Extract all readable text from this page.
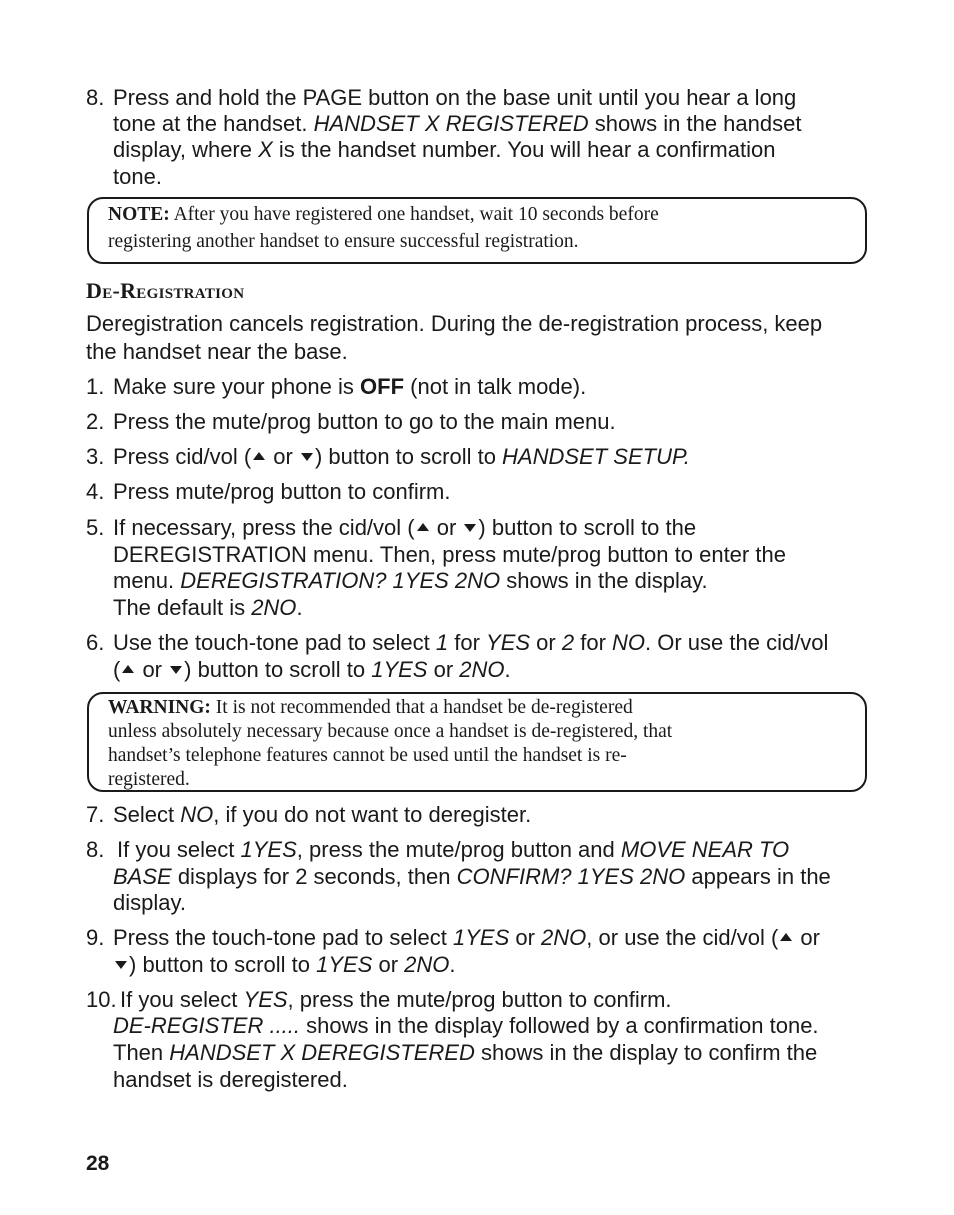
8. Press and hold the PAGE button on the base unit until you hear a long
tone at the handset. HANDSET X REGISTERED shows in the handset
display, where X is the handset number. You will hear a confirmation
tone.
NOTE: After you have registered one handset, wait 10 seconds before
registering another handset to ensure successful registration.
De-Registration
Deregistration cancels registration. During the de-registration process, keep
the handset near the base.
1. Make sure your phone is OFF (not in talk mode).
2. Press the mute/prog button to go to the main menu.
3. Press cid/vol ( or ) button to scroll to HANDSET SETUP.
4. Press mute/prog button to confirm.
5. If necessary, press the cid/vol ( or ) button to scroll to the
DEREGISTRATION menu. Then, press mute/prog button to enter the
menu. DEREGISTRATION? 1YES 2NO shows in the display.
The default is 2NO.
6. Use the touch-tone pad to select 1 for YES or 2 for NO. Or use the cid/vol
( or ) button to scroll to 1YES or 2NO.
WARNING: It is not recommended that a handset be de-registered
unless absolutely necessary because once a handset is de-registered, that
handset’s telephone features cannot be used until the handset is re-
registered.
7. Select NO, if you do not want to deregister.
8. If you select 1YES, press the mute/prog button and MOVE NEAR TO
BASE displays for 2 seconds, then CONFIRM? 1YES 2NO appears in the
display.
9. Press the touch-tone pad to select 1YES or 2NO, or use the cid/vol ( or
) button to scroll to 1YES or 2NO.
10. If you select YES, press the mute/prog button to confirm.
DE-REGISTER ..... shows in the display followed by a confirmation tone.
Then HANDSET X DEREGISTERED shows in the display to confirm the
handset is deregistered.
28
